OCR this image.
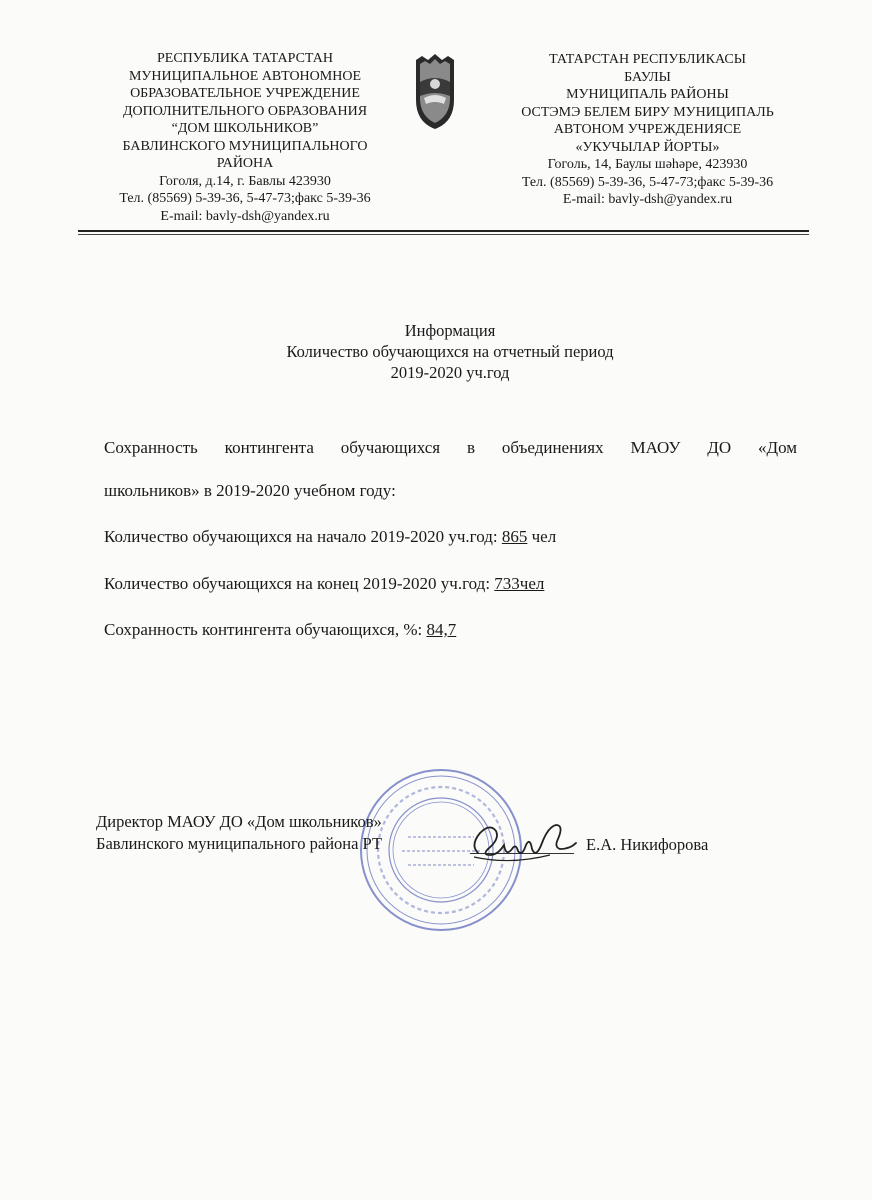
РЕСПУБЛИКА ТАТАРСТАН
МУНИЦИПАЛЬНОЕ АВТОНОМНОЕ
ОБРАЗОВАТЕЛЬНОЕ УЧРЕЖДЕНИЕ
ДОПОЛНИТЕЛЬНОГО ОБРАЗОВАНИЯ
“ДОМ ШКОЛЬНИКОВ”
БАВЛИНСКОГО МУНИЦИПАЛЬНОГО
РАЙОНА
Гоголя, д.14, г. Бавлы 423930
Тел. (85569) 5-39-36, 5-47-73;факс 5-39-36
E-mail: bavly-dsh@yandex.ru
ТАТАРСТАН РЕСПУБЛИКАСЫ
БАУЛЫ
МУНИЦИПАЛЬ РАЙОНЫ
ОСТЭМЭ БЕЛЕМ БИРУ МУНИЦИПАЛЬ
АВТОНОМ УЧРЕЖДЕНИЯСЕ
«УКУЧЫЛАР ЙОРТЫ»
Гоголь, 14, Баулы шәһәре, 423930
Тел. (85569) 5-39-36, 5-47-73;факс 5-39-36
E-mail: bavly-dsh@yandex.ru
Информация
Количество обучающихся на отчетный период
2019-2020 уч.год
Сохранность контингента обучающихся в объединениях МАОУ ДО «Дом
школьников» в 2019-2020 учебном году:
Количество обучающихся на начало 2019-2020 уч.год: 865 чел
Количество обучающихся на конец 2019-2020 уч.год: 733чел
Сохранность контингента обучающихся, %: 84,7
Директор МАОУ ДО «Дом школьников»
Бавлинского муниципального района РТ	Е.А. Никифорова
